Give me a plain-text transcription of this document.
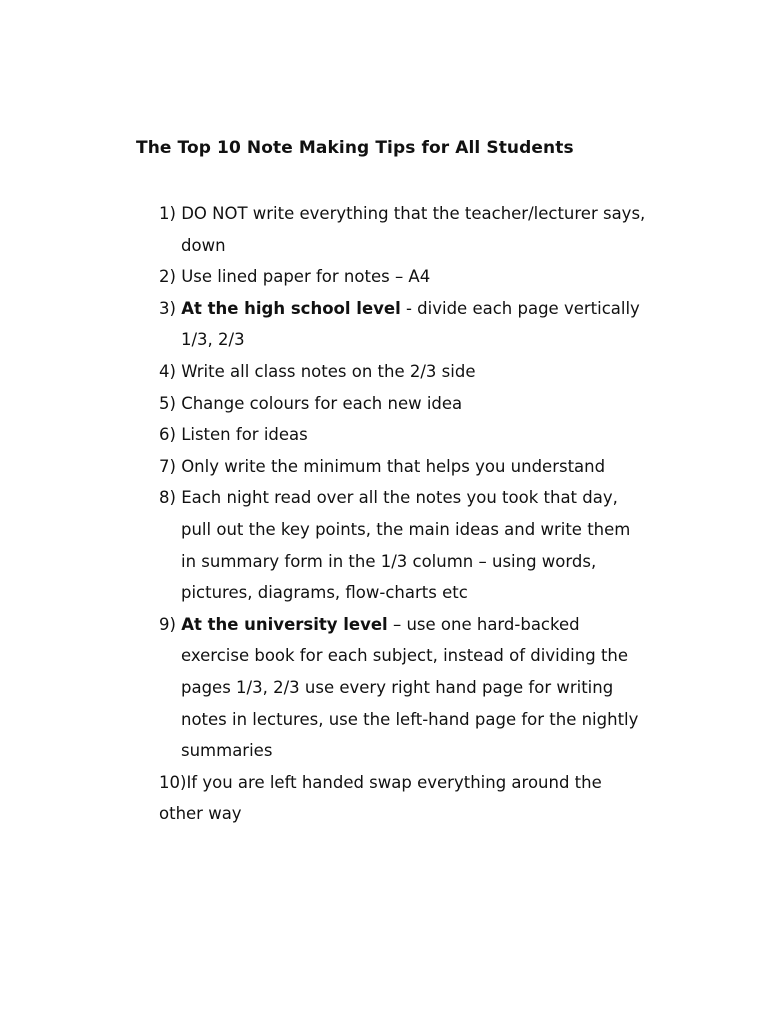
The Top 10 Note Making Tips for All Students
1) DO NOT write everything that the teacher/lecturer says,
down
2) Use lined paper for notes – A4
3) At the high school level - divide each page vertically
1/3, 2/3
4) Write all class notes on the 2/3 side
5) Change colours for each new idea
6) Listen for ideas
7) Only write the minimum that helps you understand
8) Each night read over all the notes you took that day,
pull out the key points, the main ideas and write them
in summary form in the 1/3 column – using words,
pictures, diagrams, flow-charts etc
9) At the university level – use one hard-backed
exercise book for each subject, instead of dividing the
pages 1/3, 2/3 use every right hand page for writing
notes in lectures, use the left-hand page for the nightly
summaries
10)If you are left handed swap everything around the
other way
